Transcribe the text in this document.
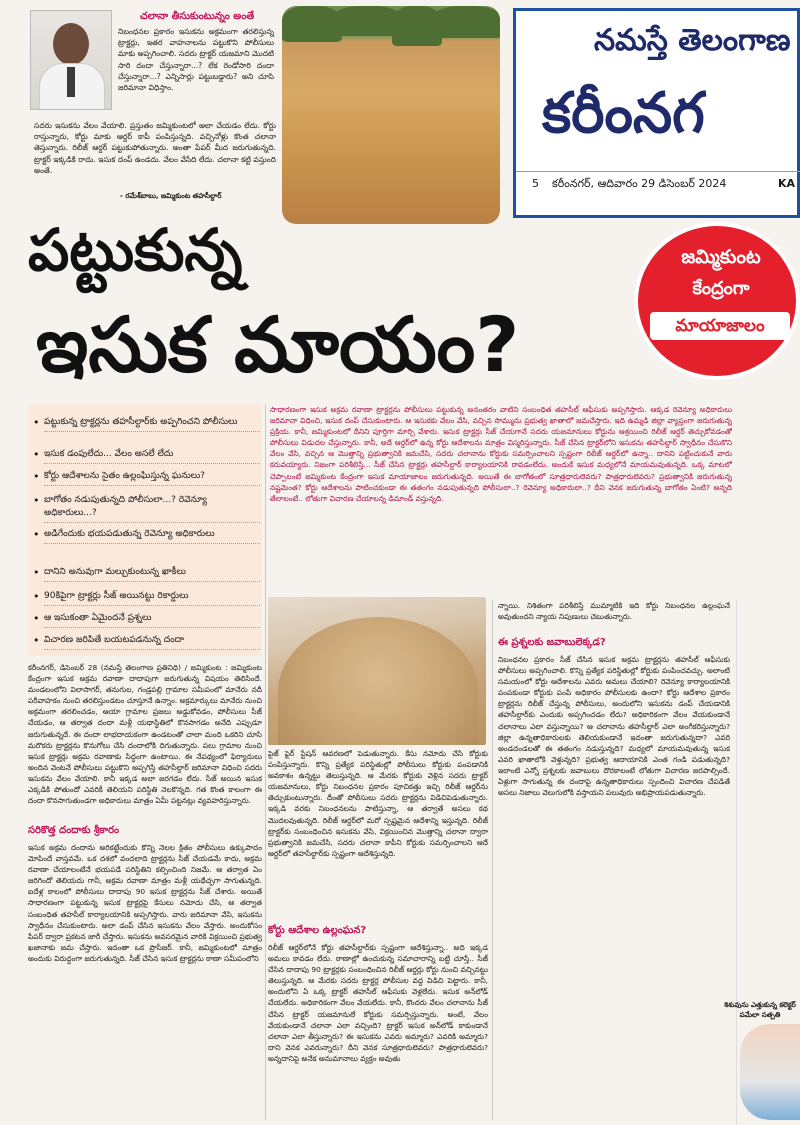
చలానా తీసుకుంటున్నం అంతే
నిబంధనల ప్రకారం ఇసుకను అక్రమంగా తరలిస్తున్న ట్రాక్టర్లు, ఇతర వాహనాలను పట్టుకొని పోలీసులు మాకు అప్పగించాలి. సదరు ట్రాక్టర్ యజమాని మొదటి సారి దందా చేస్తున్నారా...? లేక రెండోసారి దందా చేస్తున్నారా...? ఎన్నిసార్లు పట్టుబడ్డారు? అని చూసి జరిమానా విధిస్తాం.
సదరు ఇసుకను వేలం వేయాలి. ప్రస్తుతం జమ్మికుంటలో అలా చేయడం లేదు. కోర్టు రాస్తున్నారు, కోర్టు మాకు ఆర్డర్ కాపీ పంపిస్తున్నది. వచ్చినోళ్లు కొంత చలానా తెస్తున్నారు. రిలీజ్ ఆర్డర్ పట్టుకుపోతున్నారు. అంతా పేపర్ మీద జరుగుతున్నది. ట్రాక్టర్ ఇక్కడికి రాదు. ఇసుక దంప్ ఉండదు. వేలం వేసేది లేదు. చలానా కట్టి వస్తుంది అంతే.
- రమేశ్‌బాబు, జమ్మికుంట తహసీల్దార్
నమస్తే తెలంగాణ
కరీంనగ
5 కరీంనగర్, ఆదివారం 29 డిసెంబర్ 2024	KA
పట్టుకున్న
ఇసుక మాయం?
జమ్మికుంట
కేంద్రంగా
మాయాజాలం
• పట్టుకున్న ట్రాక్టర్లను తహసీల్దార్‌కు అప్పగించని పోలీసులు
• ఇసుక డంపులేదు... వేలం అసలే లేదు
• కోర్టు ఆదేశాలను సైతం ఉల్లంఘిస్తున్న ఘనులు?
• బాగోతం నడుపుతున్నది పోలీసులా...? రెవెన్యూ అధికారులు...?
• అడిగేందుకు భయపడుతున్న రెవెన్యూ అధికారులు
• దానిని అనువుగా మల్చుకుంటున్న ఖాకీలు
• 90కిపైగా ట్రాక్టర్లు సీజ్ అయినట్టు రికార్డులు
• ఆ ఇసుకంతా ఏమైందనే ప్రశ్నలు
• విచారణ జరిపితే బయటపడనున్న దందా
కరీంనగర్, డిసెంబర్ 28 (నమస్తే తెలంగాణ ప్రతినిధి) / జమ్మికుంట : జమ్మికుంట కేంద్రంగా ఇసుక అక్రమ రవాణా దాదాపుగా జరుగుతున్న విషయం తెలిసిందే. మండలంలోని విలాసాగర్, తనుగుల, గండ్రపల్లి గ్రామాల సమీపంలో మానేరు నదీ పరీవాహకం నుంచి తరలిస్తుండటం చూస్తూనే ఉన్నాం. అక్రమార్కులు మానేరు నుంచి అక్రమంగా తరలించడం, ఆయా గ్రామాల ప్రజలు అడ్డుకోవడం, పోలీసులు సీజ్ చేయడం, ఆ తర్వాత దందా మళ్లీ యథాస్థితిలో కొనసాగడం అనేది ఎప్పుడూ జరుగుతున్నదే. ఈ దందా లాభదాయకంగా ఉండటంతో చాలా మంది ఒకరిని చూసి మరొకరు ట్రాక్టర్లను కొనుగోలు చేసి దందాలోకి దిగుతున్నారు. పలు గ్రామాల నుంచి ఇసుక ట్రాక్టర్లు అక్రమ రవాణాకు సిద్ధంగా ఉంటాయి. ఈ నేపథ్యంలో ఫిర్యాదులు అందిన వెంటనే పోలీసులు పట్టుకొని అప్పగిస్తే తహసీల్దార్ జరిమానా విధించి సదరు ఇసుకను వేలం వేయాలి. కానీ ఇక్కడ అలా జరగడం లేదు. సీజ్ అయిన ఇసుక ఎక్కడికి పోతుందో ఎవరికీ తెలియని పరిస్థితి నెలకొన్నది. గత కొంత కాలంగా ఈ దందా కొనసాగుతుండగా అధికారులు మాత్రం ఏమీ పట్టనట్లు వ్యవహరిస్తున్నారు.
సరికొత్త దందాకు శ్రీకారం
ఇసుక అక్రమ దందాను అరికట్టేందుకు కొన్ని నెలల క్రితం పోలీసులు ఉక్కుపాదం మోపిందే వాస్తవమే. ఒక దశలో వందలాది ట్రాక్టర్లను సీజ్ చేయడమే కాదు, అక్రమ రవాణా చేయాలంటేనే భయపడే పరిస్థితిని కల్పించింది నిజమే. ఆ తర్వాత ఏం జరిగిందో తెలియదు గానీ, అక్రమ రవాణా మాత్రం మళ్లీ యథేచ్ఛగా సాగుతున్నది. ఐదేళ్ల కాలంలో పోలీసులు దాదాపు 90 ఇసుక ట్రాక్టర్లను సీజ్ చేశారు. అయితే సాధారణంగా పట్టుకున్న ఇసుక ట్రాక్టర్లపై కేసులు నమోదు చేసి, ఆ తర్వాత సంబంధిత తహసీల్ కార్యాలయానికి అప్పగిస్తారు. వారు జరిమానా వేసి, ఇసుకను స్వాధీనం చేసుకుంటారు. అలా డంప్‌ చేసిన ఇసుకను వేలం వేస్తారు. అందుకోసం పేపర్ ద్వారా ప్రకటన జారీ చేస్తారు. ఇసుకను అవసరమైన వారికి విక్రయించి ప్రభుత్వ ఖజానాకు జమ చేస్తారు. ఇదంతా ఒక ప్రొసీజర్. కానీ, జమ్మికుంటలో మాత్రం అందుకు విరుద్ధంగా జరుగుతున్నది. సీజ్ చేసిన ఇసుక ట్రాక్టర్లను ఠాణా సమీపంలోని
సాధారణంగా ఇసుక అక్రమ రవాణా ట్రాక్టర్లను పోలీసులు పట్టుకున్న అనంతరం వాటిని సంబంధిత తహసీల్ ఆఫీసుకు అప్పగిస్తారు. ఆక్కడ రెవెన్యూ అధికారులు జరిమానా విధించి, ఇసుక దంప్ చేసుకుంటారు. ఆ ఇసుకకు వేలం వేసి, వచ్చిన సొమ్మును ప్రభుత్వ ఖాతాలో జమచేస్తారు. ఇది ఉమ్మడి జిల్లా వ్యాప్తంగా జరుగుతున్న ప్రక్రియ. కానీ, జమ్మికుంటలో దీనిని పూర్తిగా మార్చి వేశారు. ఇసుక ట్రాక్టర్లు సీజ్ చేయగానే సదరు యజమానులు కోర్టును ఆశ్రయించి రిలీజ్ ఆర్డర్ తెచ్చుకోవడంతో పోలీసులు విడుదల చేస్తున్నారు. కానీ, అదే ఆర్డర్‌లో ఉన్న కోర్టు ఆదేశాలను మాత్రం విస్మరిస్తున్నారు. సీజ్ చేసిన ట్రాక్టర్‌లోని ఇసుకను తహసీల్దార్ స్వాధీనం చేసుకొని వేలం వేసి, వచ్చిన ఆ మొత్తాన్ని ప్రభుత్వానికి జమచేసి, సదరు చలానాను కోర్టుకు సమర్పించాలని స్పష్టంగా రిలీజ్ ఆర్డర్‌లో ఉన్నా.. దానిని పట్టించుకునే వారు కరువయ్యారు. నిజంగా పరిశీలిస్తే... సీజ్ చేసిన ట్రాక్టర్లు తహసీల్దార్ కార్యాలయానికి రావడంలేదు. అందుకే ఇసుక మధ్యలోనే మాయమవుతున్నది. ఒక్క మాటలో చెప్పాలంటే జమ్మికుంట కేంద్రంగా ఇసుక మాయాజాలం జరుగుతున్నది. అయితే ఈ బాగోతంలో సూత్రధారులెవరు? పాత్రధారులెవరు? ప్రభుత్వానికి జరుగుతున్న నష్టమెంత? కోర్టు ఆదేశాలను పాటించకుండా ఈ తతంగం నడుపుతున్నది పోలీసులా..? రెవెన్యూ అధికారులా..? దీని వెనక జరుగుతున్న బాగోతం ఏంటి? అన్నది తేలాలంటే.. లోతుగా విచారణ చేయాలన్న డిమాండ్ వస్తున్నది.
పైజ్ ఫైర్ స్టేషన్ ఆవరణలో పెడుతున్నారు. కేసు నమోదు చేసి కోర్టుకు పంపిస్తున్నారు. కొన్ని ప్రత్యేక పరిస్థితుల్లో పోలీసులు కోర్టుకు పంపడానికి అవకాశం ఉన్నట్టు తెలుస్తున్నది. ఆ మేరకు కోర్టుకు వెళ్లిన సదరు ట్రాక్టర్ యజమానులు, కోర్టు నిబంధనల ప్రకారం పూచికత్తు ఇచ్చి రిలీజ్ ఆర్డర్‌ను తెచ్చుకుంటున్నారు. దీంతో పోలీసులు సదరు ట్రాక్టర్లను విడిచిపెడుతున్నారు. ఇక్కడి వరకు నిబంధనలను పాటిస్తున్నా, ఆ తర్వాతే అసలు కథ మొదలవుతున్నది. రిలీజ్ ఆర్డర్‌లో మరో స్పష్టమైన ఆదేశాన్ని ఇస్తున్నది. రిలీజ్ ట్రాక్టర్‌కు సంబంధించిన ఇసుకను వేసి, విక్రయించిన మొత్తాన్ని చలానా ద్వారా ప్రభుత్వానికి జమచేసి, సదరు చలానా కాపీని కోర్టుకు సమర్పించాలని ఆదే ఆర్డర్‌లో తహసీల్దార్‌కు స్పష్టంగా ఆదేశిస్తున్నది.
కోర్టు ఆదేశాల ఉల్లంఘన?
రిలీజ్ ఆర్డర్‌లోనే కోర్టు తహసీల్దార్‌కు స్పష్టంగా ఆదేశిస్తున్నా.. అది ఇక్కడ అమలు కావడం లేదు. ఠాణాల్లో ఉంచుకున్న సమాచారాన్ని బట్టి చూస్తే.. సీజ్ చేసిన దాదాపు 90 ట్రాక్టర్లకు సంబంధించిన రిలీజ్ ఆర్డర్లు కోర్టు నుంచి వచ్చినట్టు తెలుస్తున్నది. ఆ మేరకు సదరు ట్రాక్టర్ల పోలీసుల వద్ద విడిచి పెట్టారు. కానీ, అందులోని ఏ ఒక్క ట్రాక్టర్ తహసీల్ ఆఫీసుకు వెళ్లలేదు. ఇసుక అన్‌లోడ్ చేయలేదు. అధికారికంగా వేలం వేయలేదు. కానీ, కొందరు వేలం చలానాను సీజ్ చేసిన ట్రాక్టర్ యజమానులే కోర్టుకు సమర్పిస్తున్నారు. అంటే, వేలం వేయకుండానే చలానా ఎలా వచ్చింది? ట్రాక్టర్ ఇసుక అన్‌లోడ్ కాకుండానే చలానా ఎలా తీస్తున్నారు? ఈ ఇసుకను ఎవరు అమ్మారు? ఎవరికి అమ్మారు? దాని వెనక ఎవరున్నారు? దీని వెనక సూత్రధారులెవరు? పాత్రధారులెవరు? అన్నదానిపై అనేక అనుమానాలు వ్యక్తం అవుతు
న్నాయి. నిశితంగా పరిశీలిస్తే ముమ్మాటికి ఇది కోర్టు నిబంధనల ఉల్లంఘనే అవుతుందని న్యాయ నిపుణులు చెబుతున్నారు.
ఈ ప్రశ్నలకు జవాబులెక్కడ?
నిబంధనల ప్రకారం సీజ్ చేసిన ఇసుక అక్రమ ట్రాక్టర్లను తహసీల్ ఆఫీసుకు పోలీసులు అప్పగించాలి. కొన్ని ప్రత్యేక పరిస్థితుల్లో కోర్టుకు పంపించవచ్చు. అలాంటి సమయంలో కోర్టు ఆదేశాలను ఎవరు అమలు చేయాలి? రెవెన్యూ కార్యాలయానికి పంపకుండా కోర్టుకు పంపే అధికారం పోలీసులకు ఉందా? కోర్టు ఆదేశాల ప్రకారం ట్రాక్టర్లను రిలీజ్ చేస్తున్న పోలీసులు, అందులోని ఇసుకను డంప్ చేయడానికి తహసీల్దార్‌కు ఎందుకు అప్పగించడం లేదు? అధికారికంగా వేలం వేయకుండానే చలానాలు ఎలా వస్తున్నాయి? ఆ చలానాను తహసీల్దార్ ఎలా అంగీకరిస్తున్నారు? జిల్లా ఉన్నతాధికారులకు తెలియకుండానే ఇదంతా జరుగుతున్నదా? ఎవరి అండదండలతో ఈ తతంగం నడుస్తున్నది? మధ్యలో మాయమవుతున్న ఇసుక ఎవరి ఖాతాలోకి వెళ్తున్నది? ప్రభుత్వ ఆదాయానికి ఎంత గండి పడుతున్నది? ఇలాంటి ఎన్నో ప్రశ్నలకు జవాబులు దొరకాలంటే లోతుగా విచారణ జరపాల్సిందే. ఏళ్లుగా సాగుతున్న ఈ దందాపై ఉన్నతాధికారులు స్పందించి విచారణ చేపడితే అసలు నిజాలు వెలుగులోకి వస్తాయని పలువురు అభిప్రాయపడుతున్నారు.
శిశువును ఎత్తుకున్న కలెక్టర్ పమేలా సత్పతి
